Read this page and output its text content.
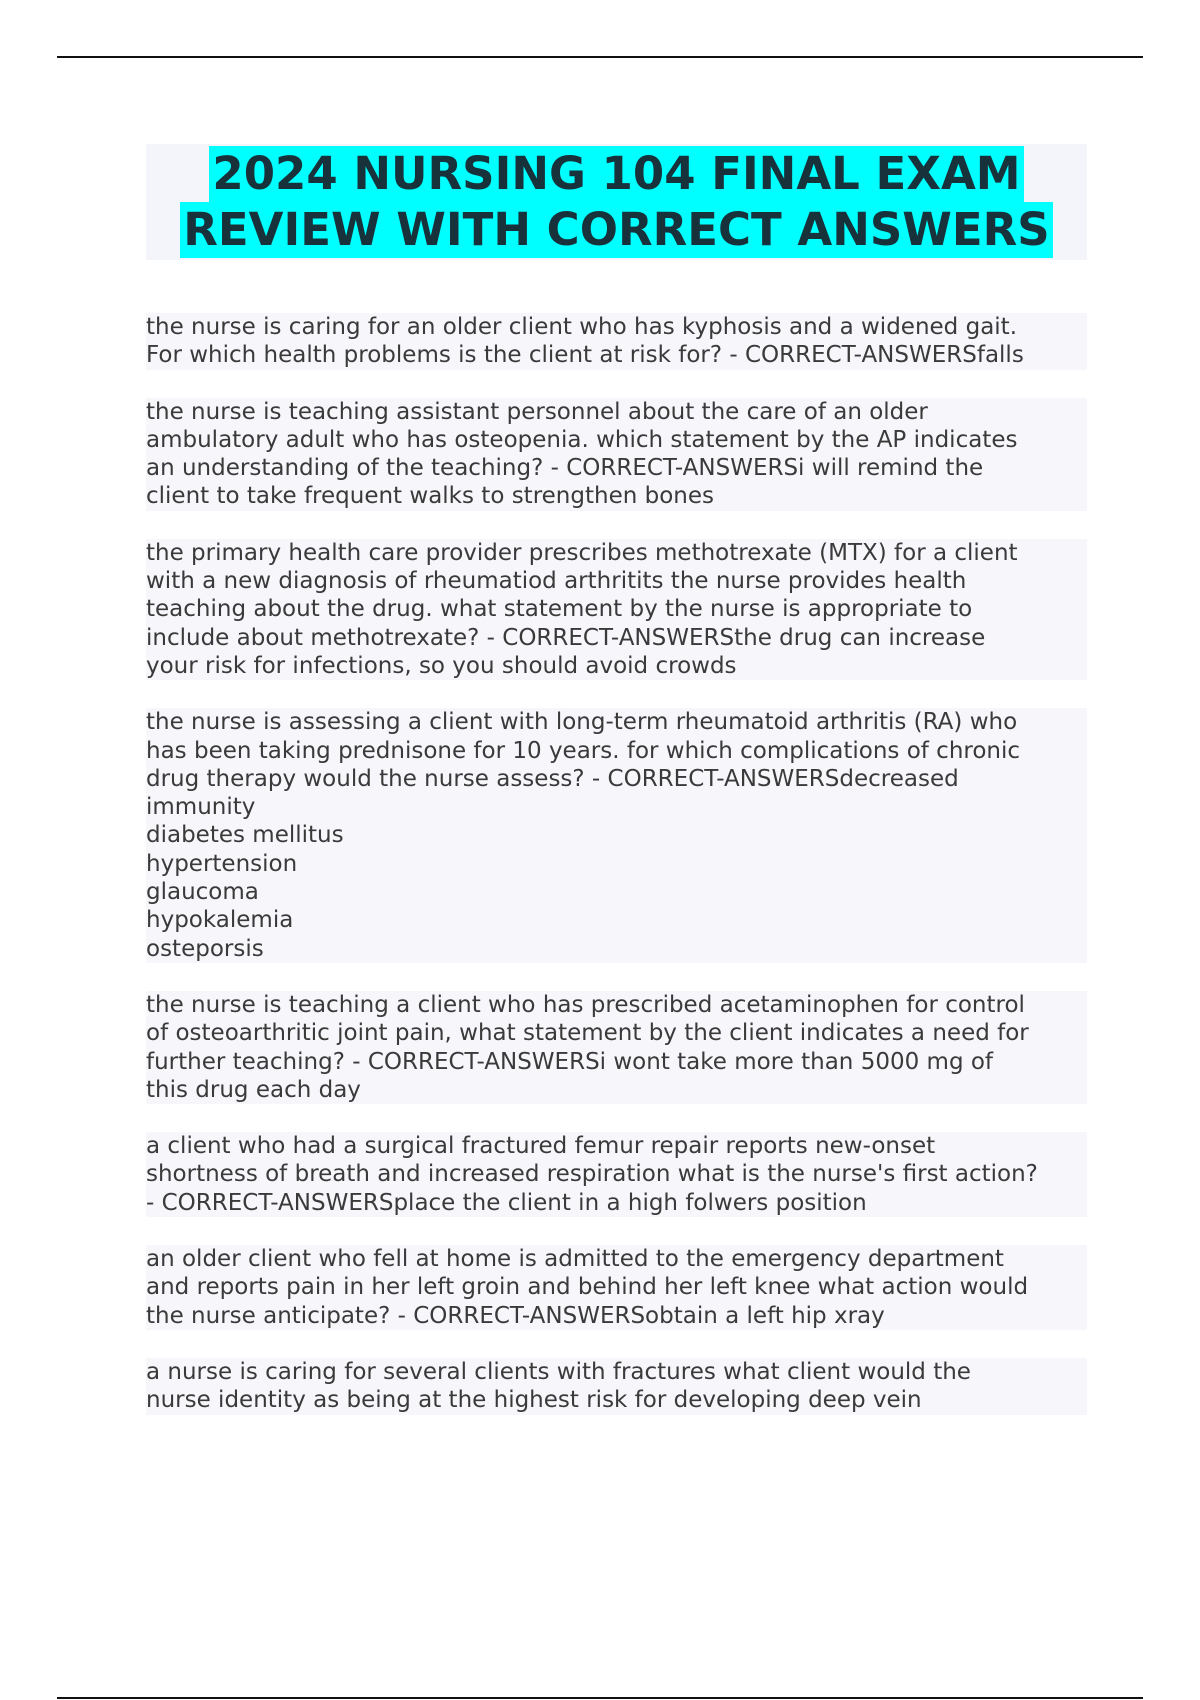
2024 NURSING 104 FINAL EXAM
REVIEW WITH CORRECT ANSWERS
the nurse is caring for an older client who has kyphosis and a widened gait.
For which health problems is the client at risk for? - CORRECT-ANSWERSfalls
the nurse is teaching assistant personnel about the care of an older
ambulatory adult who has osteopenia. which statement by the AP indicates
an understanding of the teaching? - CORRECT-ANSWERSi will remind the
client to take frequent walks to strengthen bones
the primary health care provider prescribes methotrexate (MTX) for a client
with a new diagnosis of rheumatiod arthritits the nurse provides health
teaching about the drug. what statement by the nurse is appropriate to
include about methotrexate? - CORRECT-ANSWERSthe drug can increase
your risk for infections, so you should avoid crowds
the nurse is assessing a client with long-term rheumatoid arthritis (RA) who
has been taking prednisone for 10 years. for which complications of chronic
drug therapy would the nurse assess? - CORRECT-ANSWERSdecreased
immunity
diabetes mellitus
hypertension
glaucoma
hypokalemia
osteporsis
the nurse is teaching a client who has prescribed acetaminophen for control
of osteoarthritic joint pain, what statement by the client indicates a need for
further teaching? - CORRECT-ANSWERSi wont take more than 5000 mg of
this drug each day
a client who had a surgical fractured femur repair reports new-onset
shortness of breath and increased respiration what is the nurse's first action?
- CORRECT-ANSWERSplace the client in a high folwers position
an older client who fell at home is admitted to the emergency department
and reports pain in her left groin and behind her left knee what action would
the nurse anticipate? - CORRECT-ANSWERSobtain a left hip xray
a nurse is caring for several clients with fractures what client would the
nurse identity as being at the highest risk for developing deep vein
